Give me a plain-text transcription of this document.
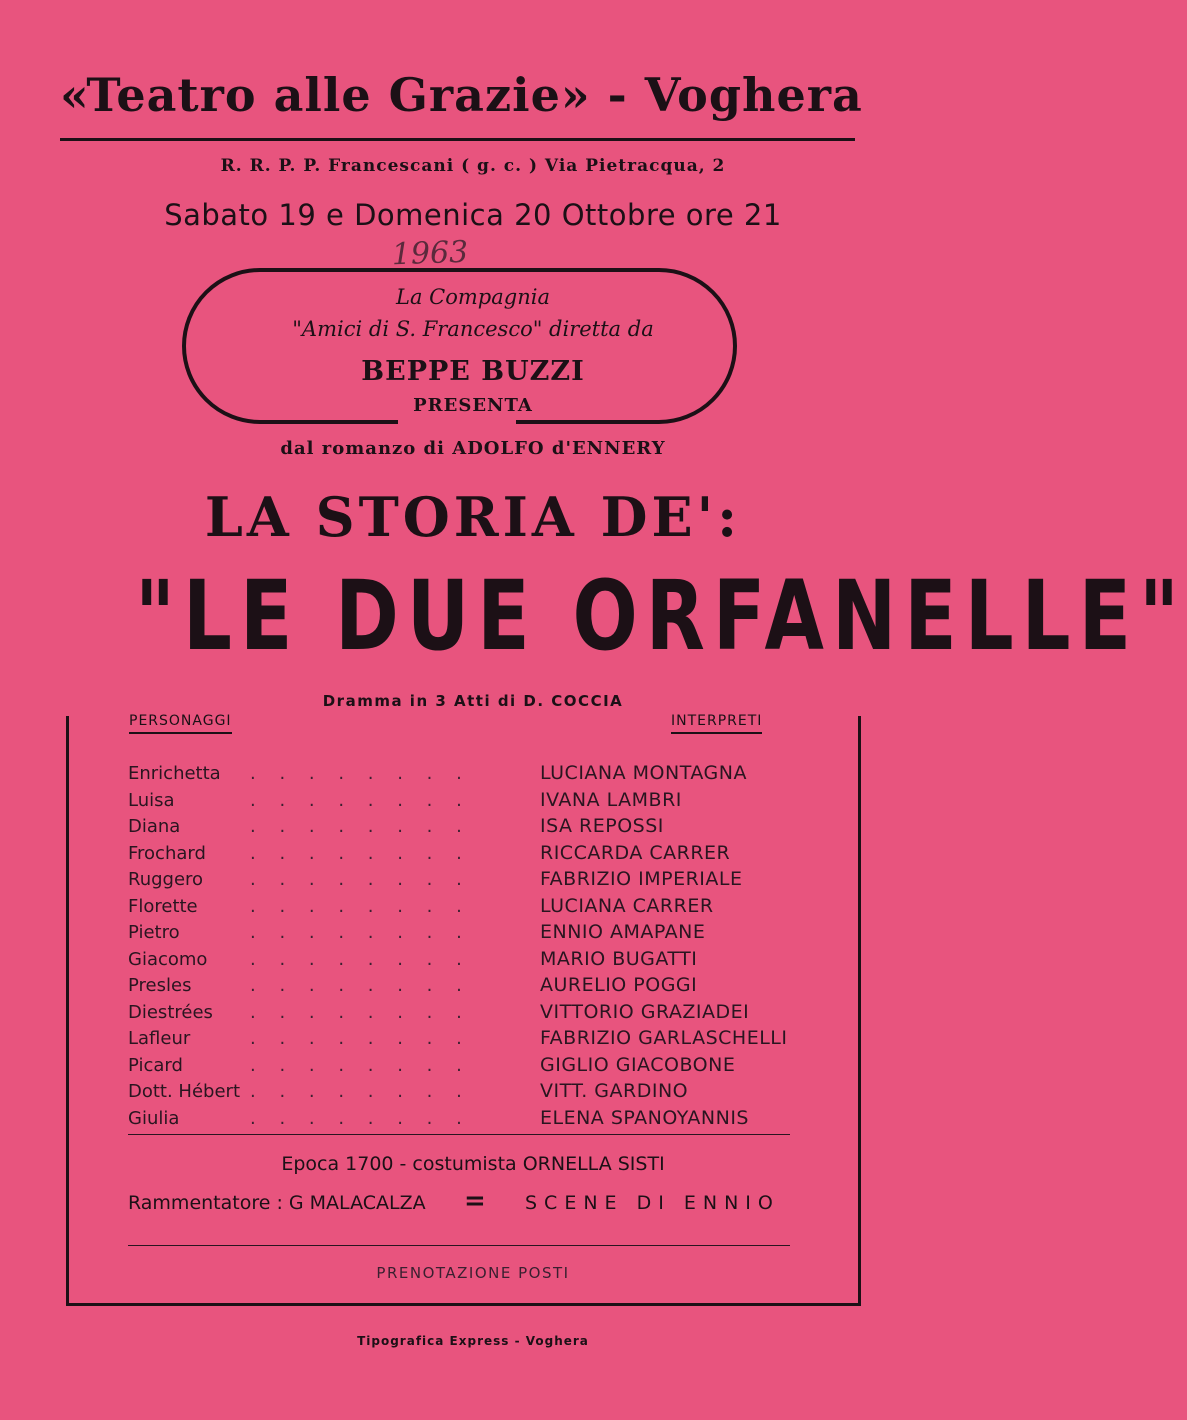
«Teatro alle Grazie» - Voghera
R. R. P. P. Francescani ( g. c. ) Via Pietracqua, 2
Sabato 19 e Domenica 20 Ottobre ore 21
1963
La Compagnia
"Amici di S. Francesco" diretta da
BEPPE BUZZI
PRESENTA
dal romanzo di ADOLFO d'ENNERY
LA STORIA DE':
"LE DUE ORFANELLE"
Dramma in 3 Atti di D. COCCIA
PERSONAGGI	INTERPRETI
Enrichetta	. . . . . . . .	LUCIANA MONTAGNA
Luisa	. . . . . . . .	IVANA LAMBRI
Diana	. . . . . . . .	ISA REPOSSI
Frochard	. . . . . . . .	RICCARDA CARRER
Ruggero	. . . . . . . .	FABRIZIO IMPERIALE
Florette	. . . . . . . .	LUCIANA CARRER
Pietro	. . . . . . . .	ENNIO AMAPANE
Giacomo	. . . . . . . .	MARIO BUGATTI
Presles	. . . . . . . .	AURELIO POGGI
Diestrées	. . . . . . . .	VITTORIO GRAZIADEI
Lafleur	. . . . . . . .	FABRIZIO GARLASCHELLI
Picard	. . . . . . . .	GIGLIO GIACOBONE
Dott. Hébert . . . . . . . .	VITT. GARDINO
Giulia	. . . . . . . .	ELENA SPANOYANNIS
Epoca 1700 - costumista ORNELLA SISTI
Rammentatore : G MALACALZA = SCENE DI ENNIO
PRENOTAZIONE POSTI
Tipografica Express - Voghera
